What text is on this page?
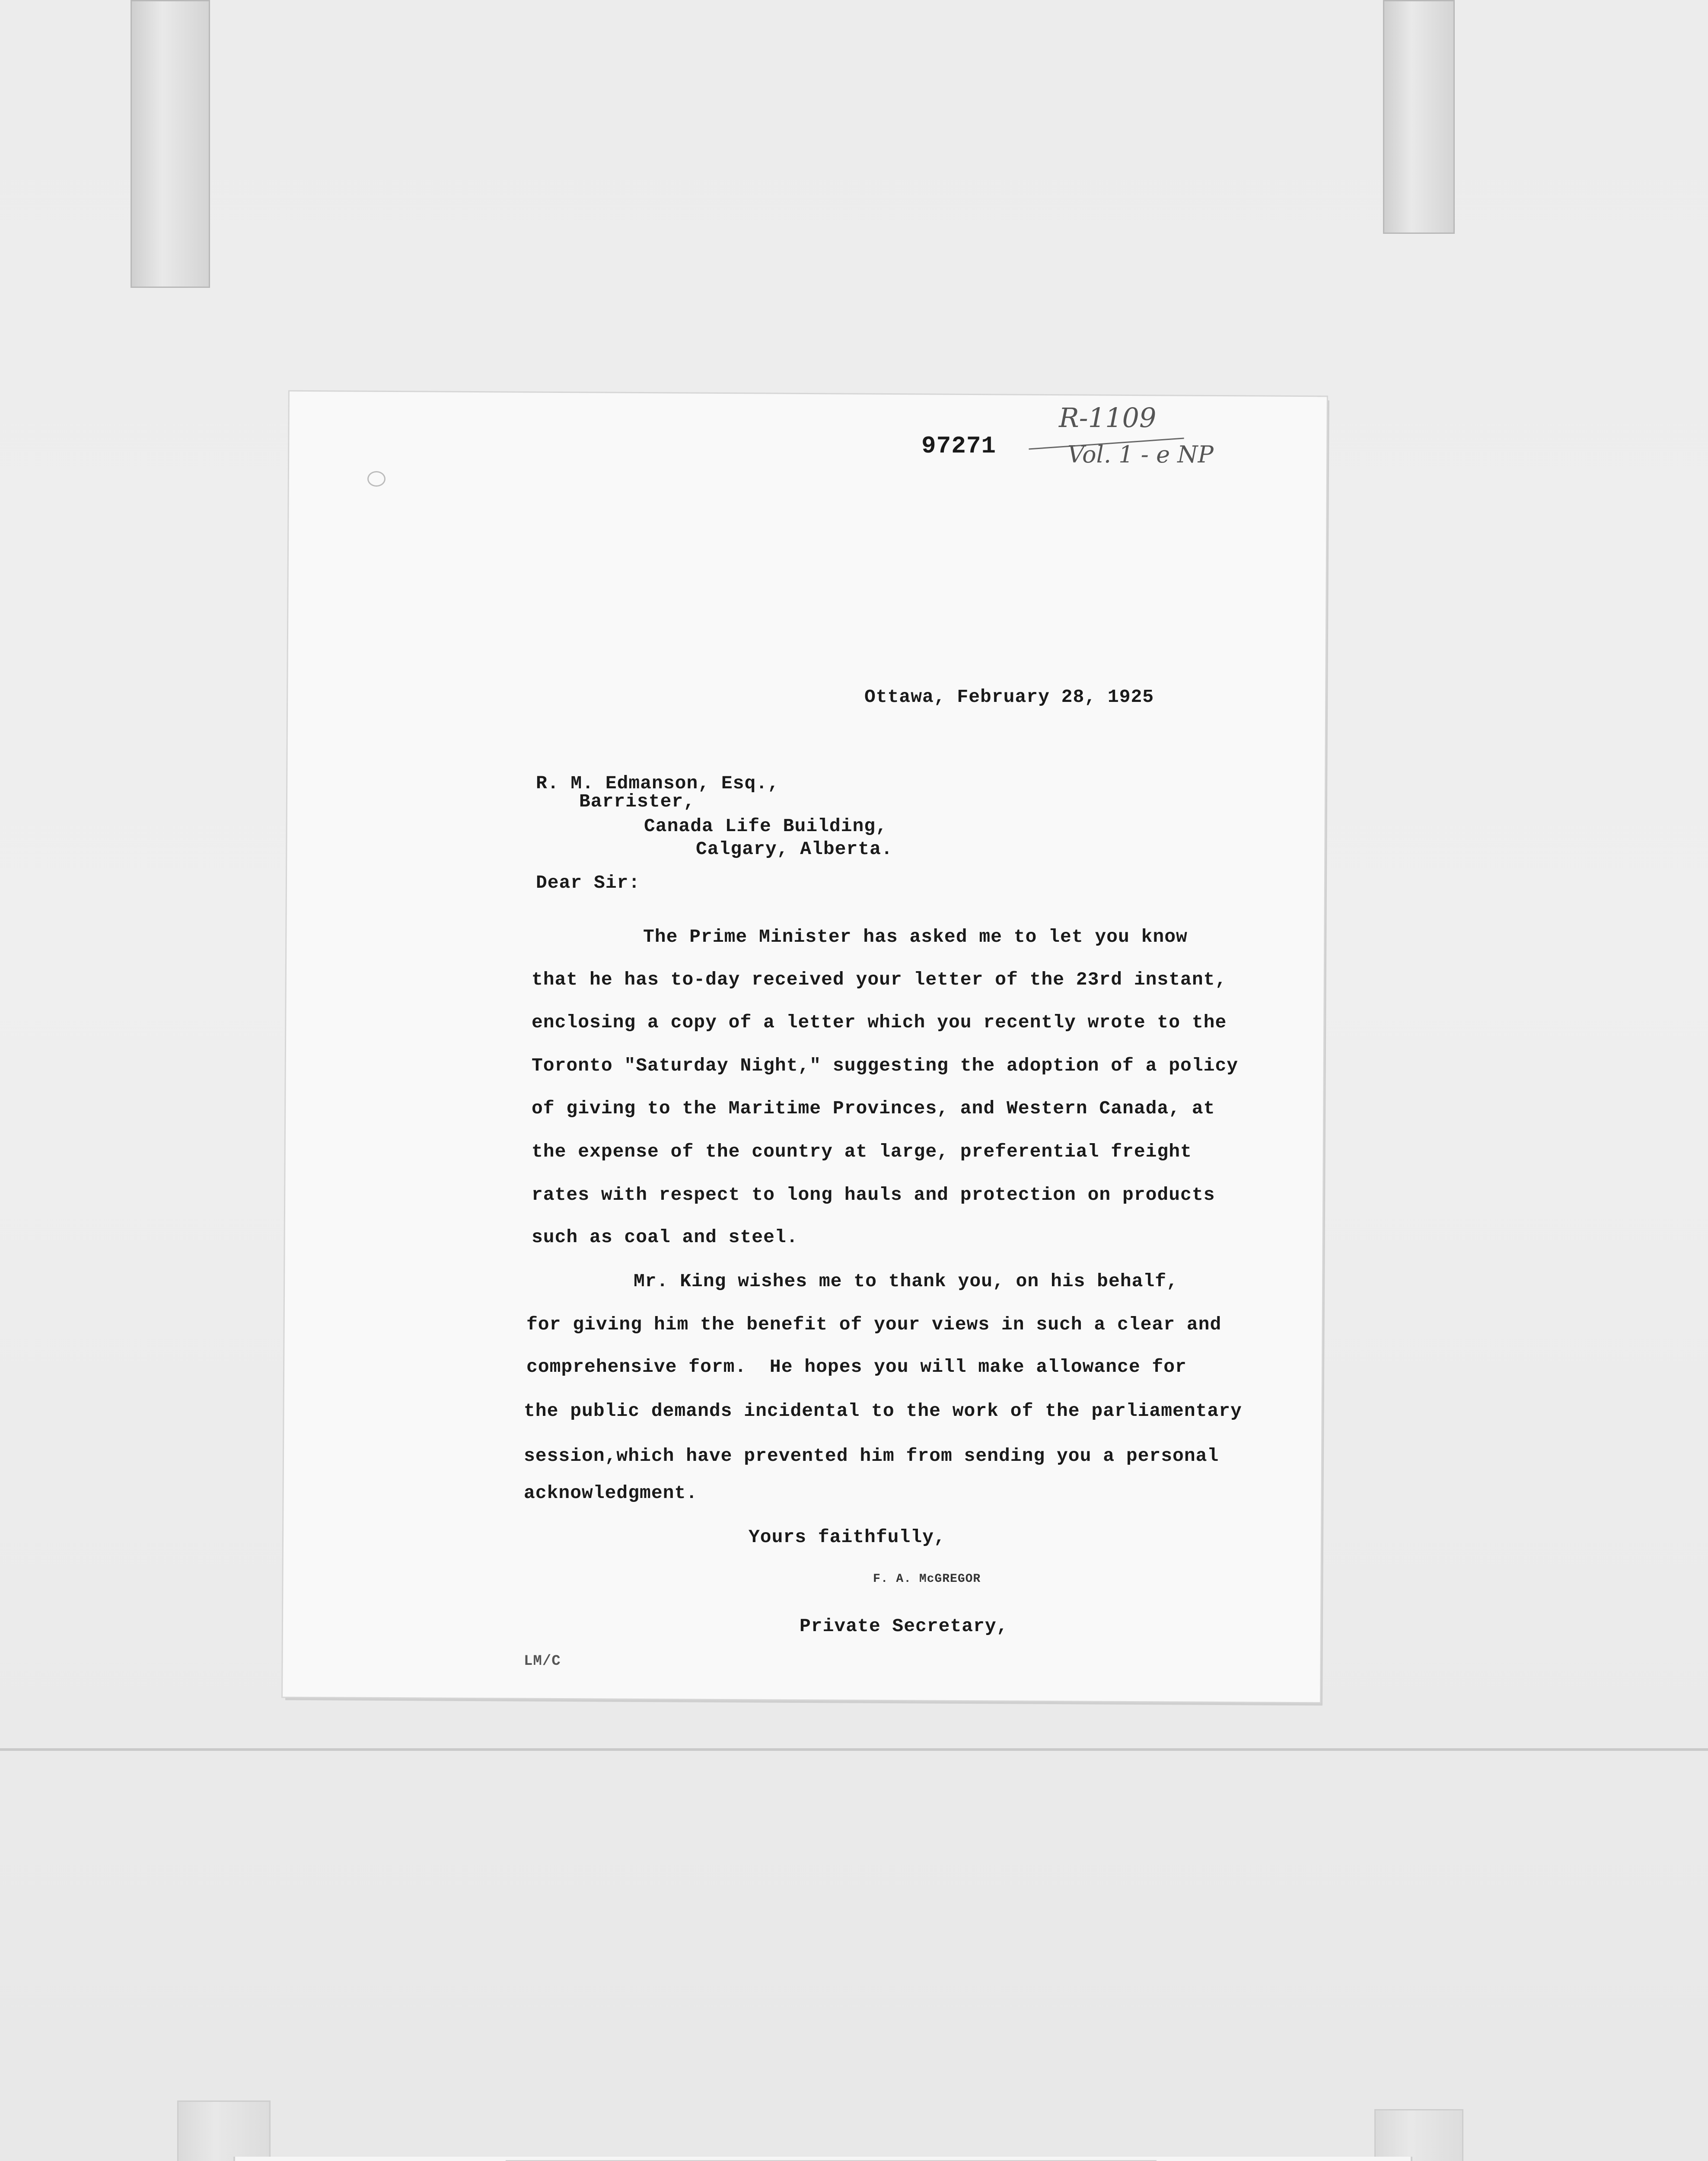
97271
R-1109
Vol. 1 - e NP
Ottawa, February 28, 1925
R. M. Edmanson, Esq.,
Barrister,
Canada Life Building,
Calgary, Alberta.
Dear Sir:
The Prime Minister has asked me to let you know
that he has to-day received your letter of the 23rd instant,
enclosing a copy of a letter which you recently wrote to the
Toronto "Saturday Night," suggesting the adoption of a policy
of giving to the Maritime Provinces, and Western Canada, at
the expense of the country at large, preferential freight
rates with respect to long hauls and protection on products
such as coal and steel.
Mr. King wishes me to thank you, on his behalf,
for giving him the benefit of your views in such a clear and
comprehensive form.  He hopes you will make allowance for
the public demands incidental to the work of the parliamentary
session,which have prevented him from sending you a personal
acknowledgment.
Yours faithfully,
F. A. McGREGOR
Private Secretary,
LM/C
